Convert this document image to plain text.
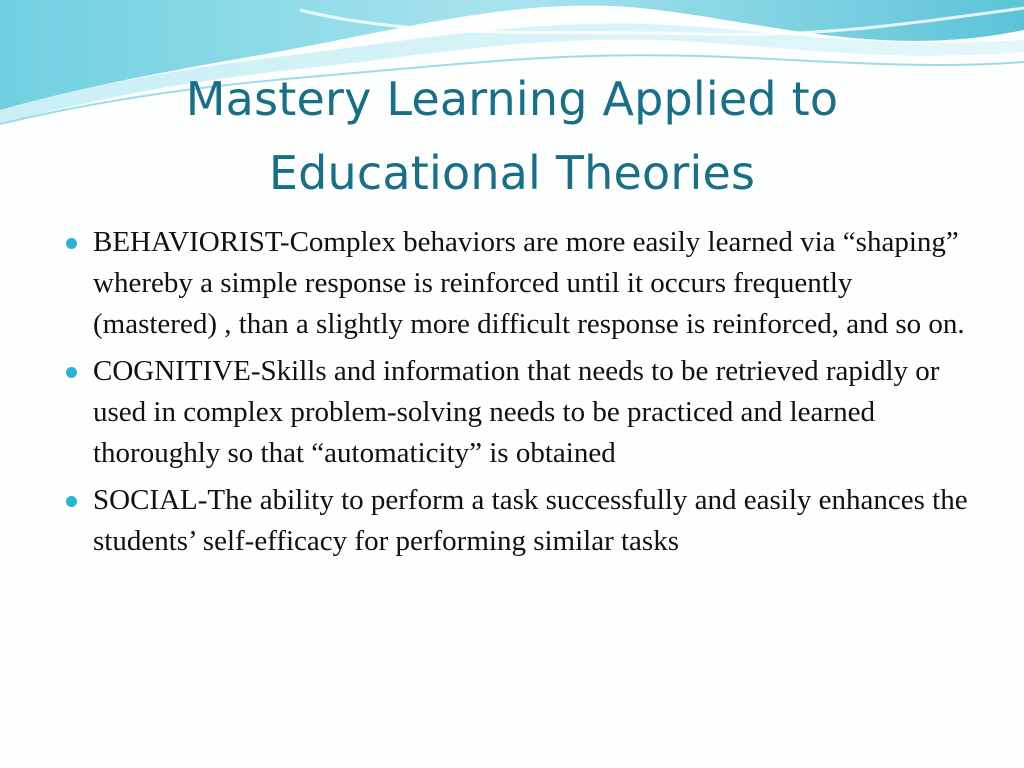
Mastery Learning Applied to Educational Theories
BEHAVIORIST-Complex behaviors are more easily learned via “shaping” whereby a simple response is reinforced until it occurs frequently (mastered) , than a slightly more difficult response is reinforced, and so on.
COGNITIVE-Skills and information that needs to be retrieved rapidly or used in complex problem-solving needs to be practiced and learned thoroughly so that “automaticity” is obtained
SOCIAL-The ability to perform a task successfully and easily enhances the students’ self-efficacy for performing similar tasks
